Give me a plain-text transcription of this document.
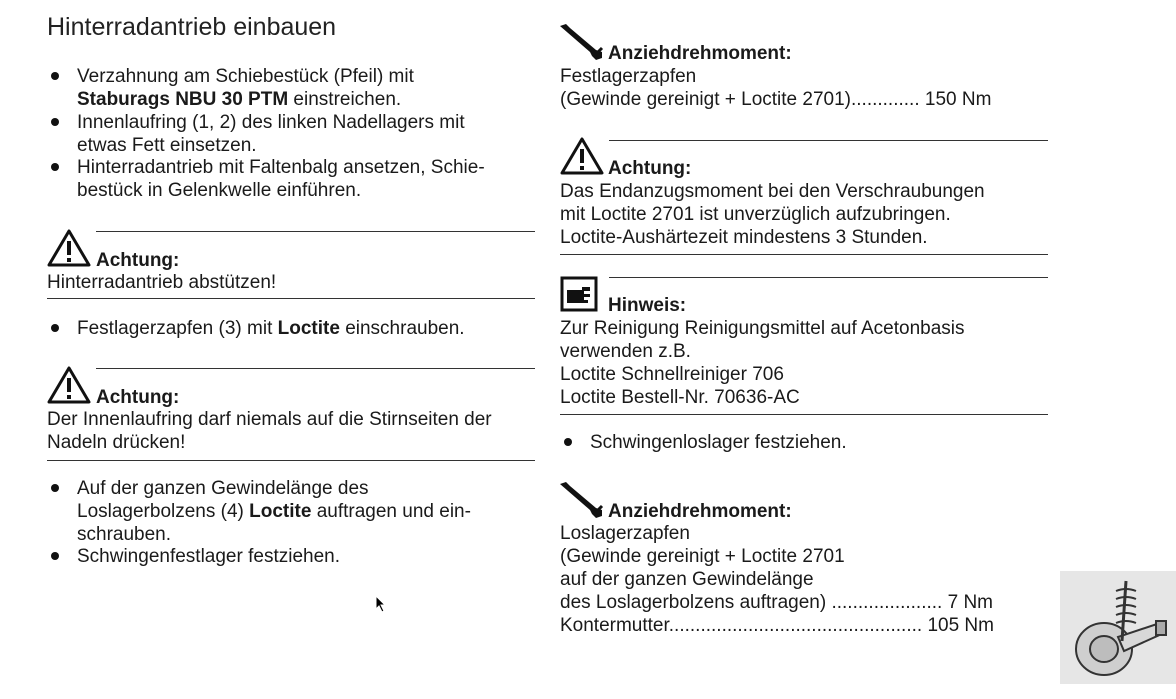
Hinterradantrieb einbauen
Verzahnung am Schiebestück (Pfeil) mit
Staburags NBU 30 PTM einstreichen.
Innenlaufring (1, 2) des linken Nadellagers mit
etwas Fett einsetzen.
Hinterradantrieb mit Faltenbalg ansetzen, Schie-
bestück in Gelenkwelle einführen.
Achtung:
Hinterradantrieb abstützen!
Festlagerzapfen (3) mit Loctite einschrauben.
Achtung:
Der Innenlaufring darf niemals auf die Stirnseiten der
Nadeln drücken!
Auf der ganzen Gewindelänge des
Loslagerbolzens (4) Loctite auftragen und ein-
schrauben.
Schwingenfestlager festziehen.
Anziehdrehmoment:
Festlagerzapfen
(Gewinde gereinigt + Loctite 2701)............. 150 Nm
Achtung:
Das Endanzugsmoment bei den Verschraubungen
mit Loctite 2701 ist unverzüglich aufzubringen.
Loctite-Aushärtezeit mindestens 3 Stunden.
Hinweis:
Zur Reinigung Reinigungsmittel auf Acetonbasis
verwenden z.B.
Loctite Schnellreiniger 706
Loctite Bestell-Nr. 70636-AC
Schwingenloslager festziehen.
Anziehdrehmoment:
Loslagerzapfen
(Gewinde gereinigt + Loctite 2701
auf der ganzen Gewindelänge
des Loslagerbolzens auftragen) ..................... 7 Nm
Kontermutter................................................ 105 Nm
